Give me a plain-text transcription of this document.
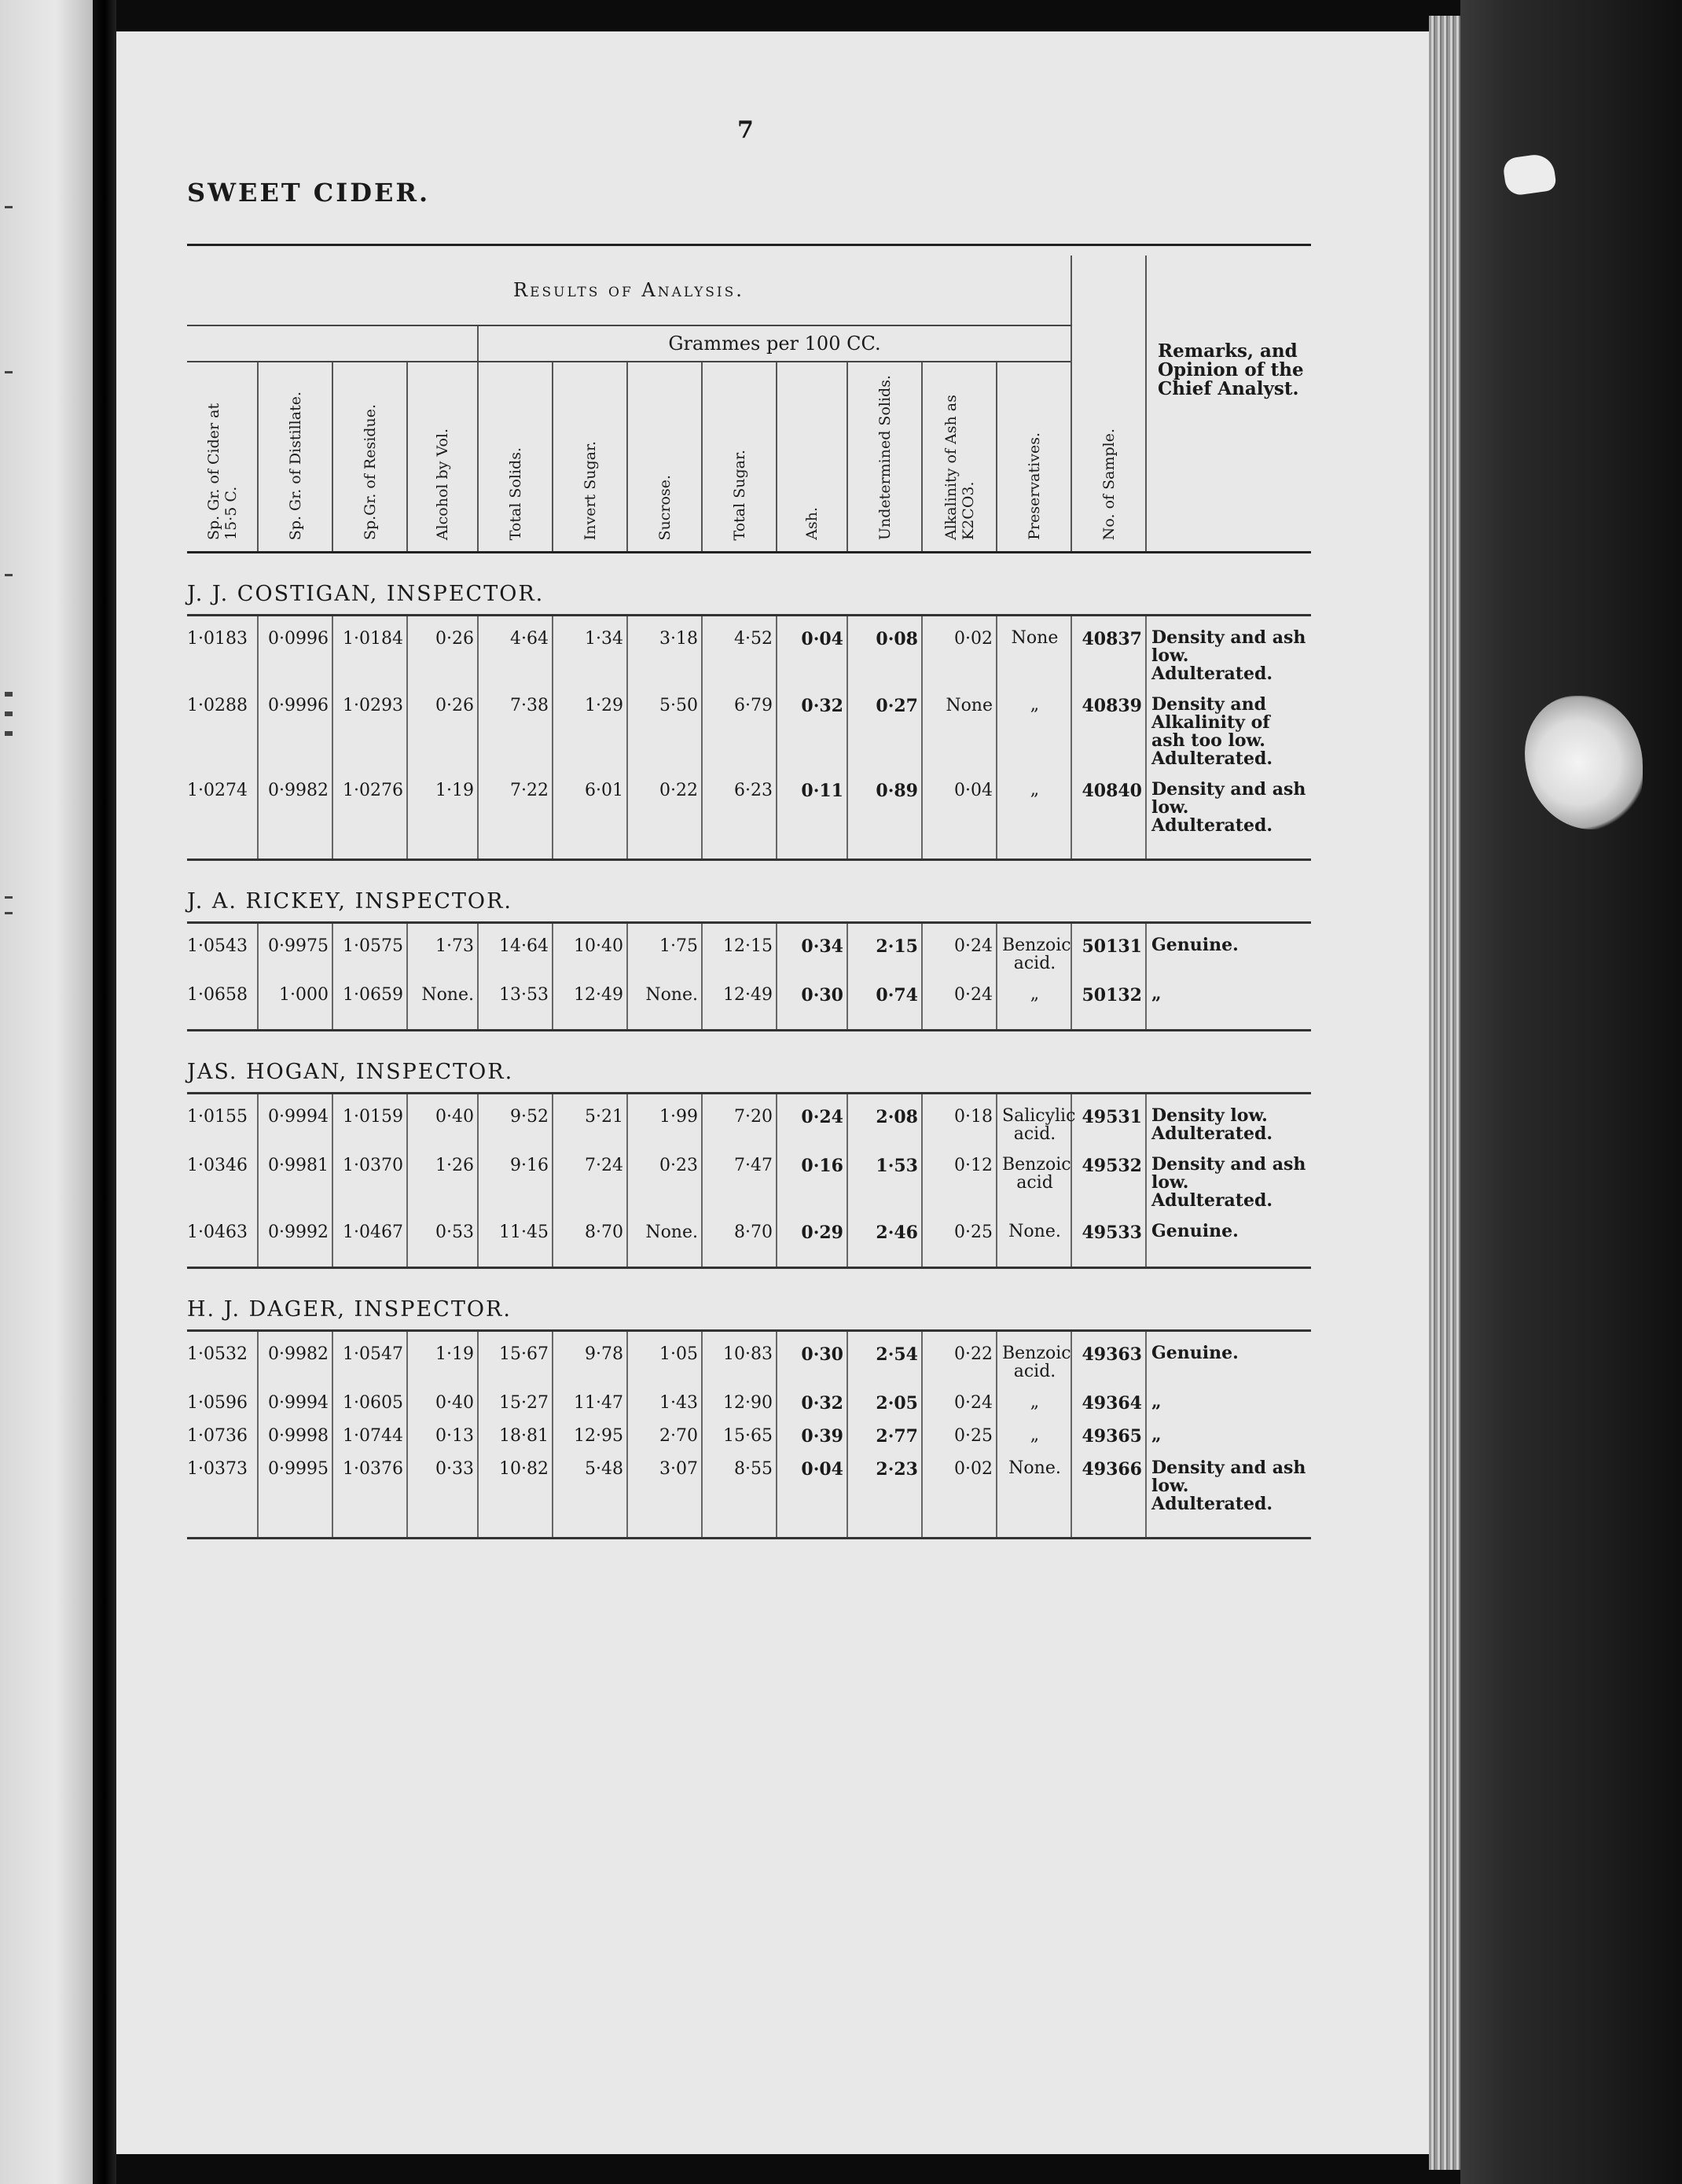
7
SWEET CIDER.

Results of Analysis.												No. of Sample.	Remarks, and Opinion of the Chief Analyst.
				Grammes per 100 CC.									

Sp. Gr. of Cider at 15·5 C.	Sp. Gr. of Distillate.	Sp.Gr. of Residue.	Alcohol by Vol.	Total Solids.	Invert Sugar.	Sucrose.	Total Sugar.	Ash.	Undetermined Solids.	Alkalinity of Ash as K2CO3.	Preservatives.		

J. J. COSTIGAN, INSPECTOR.													
1·0183	0·0996	1·0184	0·26	4·64	1·34	3·18	4·52	0·04	0·08	0·02	None	40837	Density and ash low. Adulterated.
1·0288	0·9996	1·0293	0·26	7·38	1·29	5·50	6·79	0·32	0·27	None	„	40839	Density and Alkalinity of ash too low. Adulterated.
1·0274	0·9982	1·0276	1·19	7·22	6·01	0·22	6·23	0·11	0·89	0·04	„	40840	Density and ash low. Adulterated.

J. A. RICKEY, INSPECTOR.													
1·0543	0·9975	1·0575	1·73	14·64	10·40	1·75	12·15	0·34	2·15	0·24	Benzoic acid.	50131	Genuine.
1·0658	1·000	1·0659	None.	13·53	12·49	None.	12·49	0·30	0·74	0·24	„	50132	„

JAS. HOGAN, INSPECTOR.													
1·0155	0·9994	1·0159	0·40	9·52	5·21	1·99	7·20	0·24	2·08	0·18	Salicylic acid.	49531	Density low. Adulterated.
1·0346	0·9981	1·0370	1·26	9·16	7·24	0·23	7·47	0·16	1·53	0·12	Benzoic acid	49532	Density and ash low. Adulterated.
1·0463	0·9992	1·0467	0·53	11·45	8·70	None.	8·70	0·29	2·46	0·25	None.	49533	Genuine.

H. J. DAGER, INSPECTOR.													
1·0532	0·9982	1·0547	1·19	15·67	9·78	1·05	10·83	0·30	2·54	0·22	Benzoic acid.	49363	Genuine.
1·0596	0·9994	1·0605	0·40	15·27	11·47	1·43	12·90	0·32	2·05	0·24	„	49364	„
1·0736	0·9998	1·0744	0·13	18·81	12·95	2·70	15·65	0·39	2·77	0·25	„	49365	„
1·0373	0·9995	1·0376	0·33	10·82	5·48	3·07	8·55	0·04	2·23	0·02	None.	49366	Density and ash low. Adulterated.
